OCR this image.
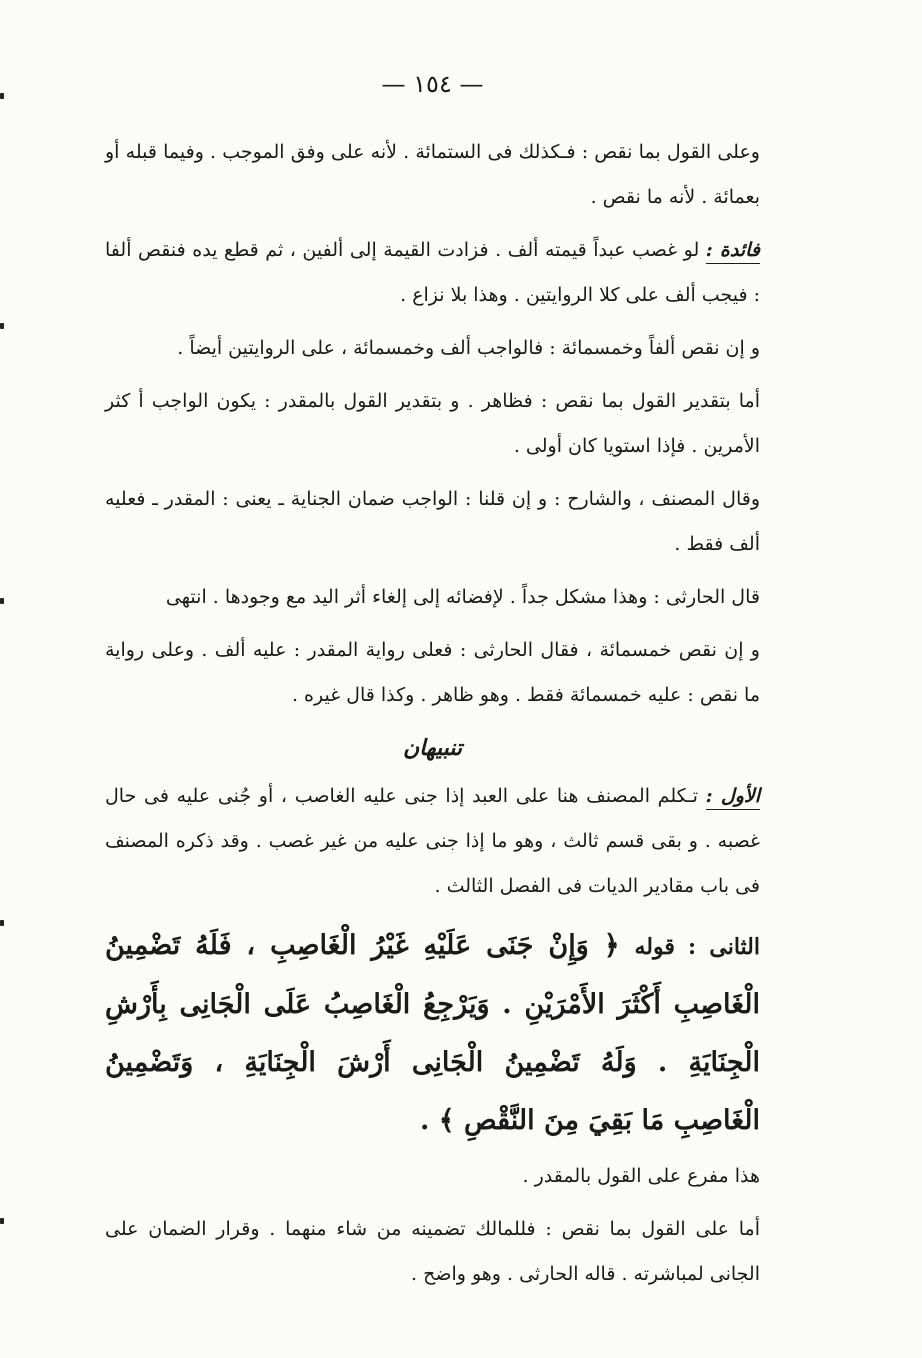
— ١٥٤ —

وعلى القول بما نقص : فـكذلك فى الستمائة . لأنه على وفق الموجب . وفيما قبله أو بعمائة . لأنه ما نقص .

فائدة : لو غصب عبداً قيمته ألف . فزادت القيمة إلى ألفين ، ثم قطع يده فنقص ألفا : فيجب ألف على كلا الروايتين . وهذا بلا نزاع .

و إن نقص ألفاً وخمسمائة : فالواجب ألف وخمسمائة ، على الروايتين أيضاً .

أما بتقدير القول بما نقص : فظاهر . و بتقدير القول بالمقدر : يكون الواجب أ كثر الأمرين . فإذا استويا كان أولى .

وقال المصنف ، والشارح : و إن قلنا : الواجب ضمان الجناية ـ يعنى : المقدر ـ فعليه ألف فقط .

قال الحارثى : وهذا مشكل جداً . لإفضائه إلى إلغاء أثر اليد مع وجودها . انتهى

و إن نقص خمسمائة ، فقال الحارثى : فعلى رواية المقدر : عليه ألف . وعلى رواية ما نقص : عليه خمسمائة فقط . وهو ظاهر . وكذا قال غيره .

تنبيهان

الأول : تـكلم المصنف هنا على العبد إذا جنى عليه الغاصب ، أو جُنى عليه فى حال غصبه . و بقى قسم ثالث ، وهو ما إذا جنى عليه من غير غصب . وقد ذكره المصنف فى باب مقادير الديات فى الفصل الثالث .

الثانى : قوله ﴿ وَإِنْ جَنَى عَلَيْهِ غَيْرُ الْغَاصِبِ ، فَلَهُ تَضْمِينُ الْغَاصِبِ أَكْثَرَ الأَمْرَيْنِ . وَيَرْجِعُ الْغَاصِبُ عَلَى الْجَانِى بِأَرْشِ الْجِنَايَةِ . وَلَهُ تَضْمِينُ الْجَانِى أَرْشَ الْجِنَايَةِ ، وَتَضْمِينُ الْغَاصِبِ مَا بَقِيَ مِنَ النَّقْصِ ﴾ .

هذا مفرع على القول بالمقدر .

أما على القول بما نقص : فللمالك تضمينه من شاء منهما . وقرار الضمان على الجانى لمباشرته . قاله الحارثى . وهو واضح .
